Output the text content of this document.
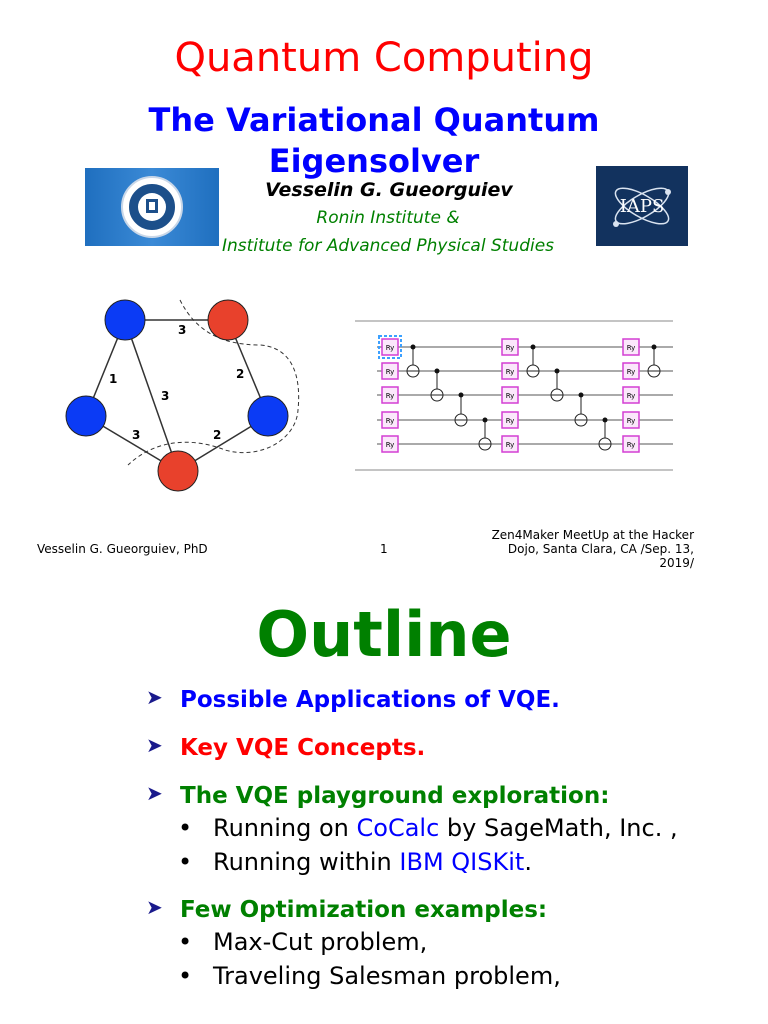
Quantum Computing
The Variational Quantum Eigensolver
Vesselin G. Gueorguiev
Ronin Institute &
Institute for Advanced Physical Studies
IAPS
3
1
3
2
3	2
Ry
Ry
Ry
Ry
Ry
Ry
Ry
Ry
Ry
Ry
Ry
Ry
Ry
Ry
Ry
Vesselin G. Gueorguiev, PhD	1
Zen4Maker MeetUp at the Hacker
Dojo, Santa Clara, CA /Sep. 13,
2019/
Outline
➤ Possible Applications of VQE.
➤ Key VQE Concepts.
➤ The VQE playground exploration:
• Running on CoCalc by SageMath, Inc. ,
• Running within IBM QISKit.
➤ Few Optimization examples:
• Max-Cut problem,
• Traveling Salesman problem,
